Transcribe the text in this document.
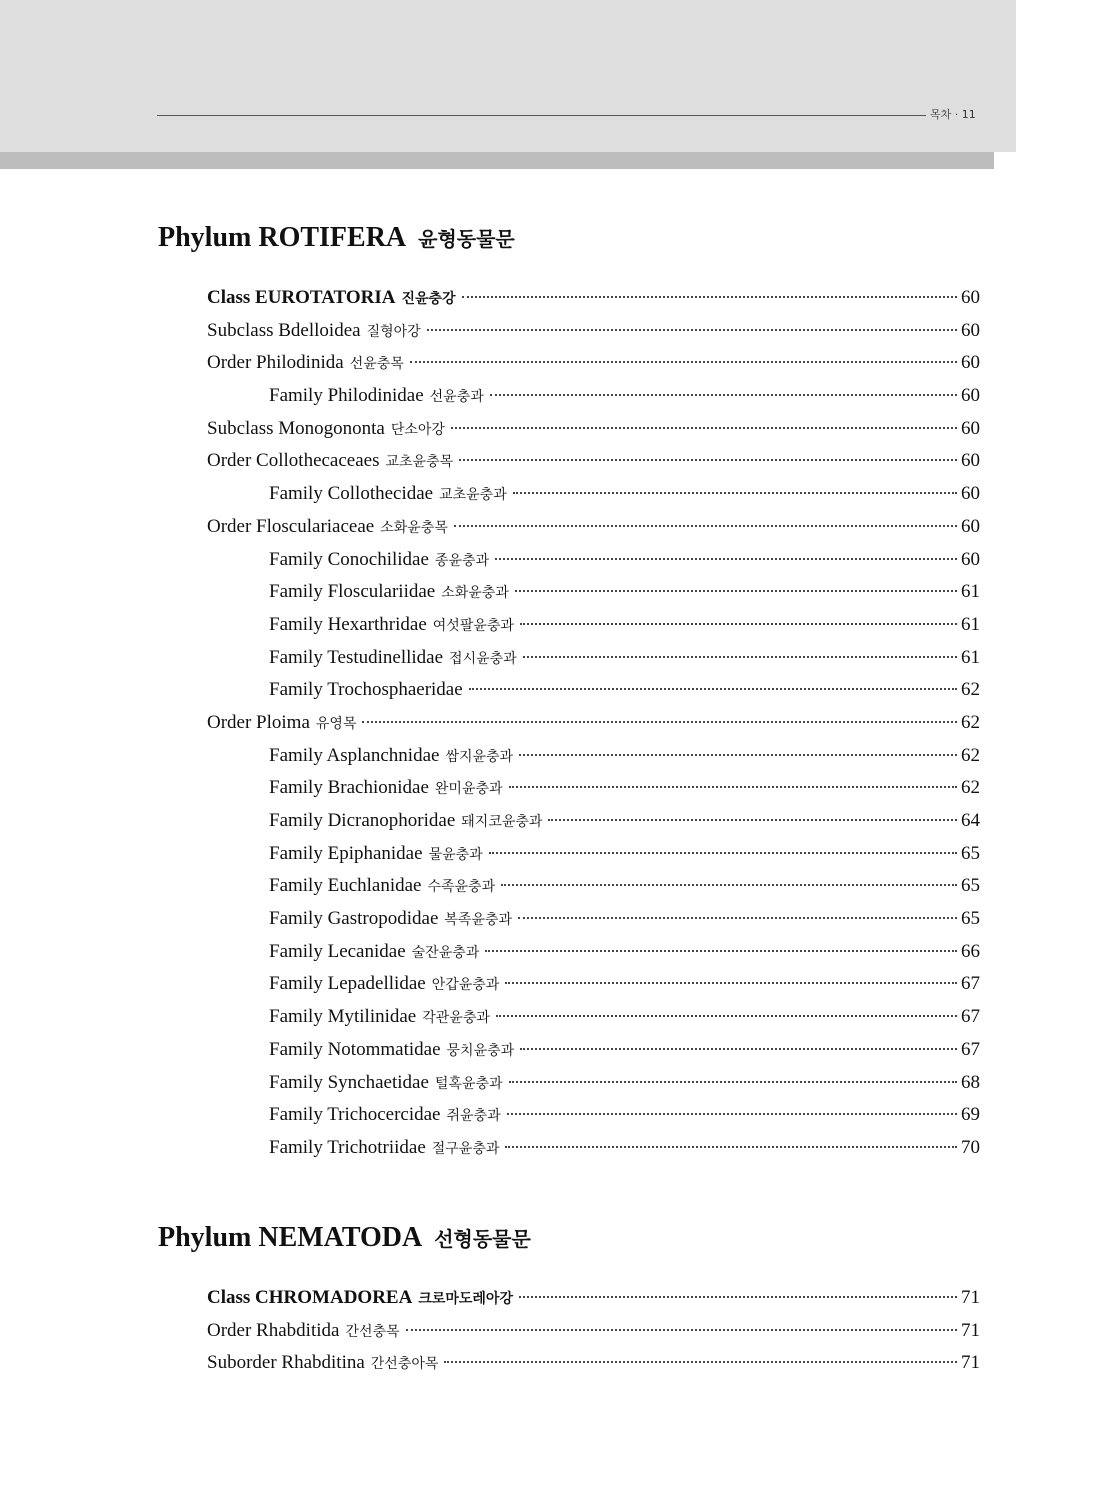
목차 · 11
Phylum ROTIFERA 윤형동물문
Class EUROTATORIA 진윤충강	60
Subclass Bdelloidea 질형아강	60
Order Philodinida 선윤충목	60
Family Philodinidae 선윤충과	60
Subclass Monogononta 단소아강	60
Order Collothecaceaes 교초윤충목	60
Family Collothecidae 교초윤충과	60
Order Flosculariaceae 소화윤충목	60
Family Conochilidae 종윤충과	60
Family Flosculariidae 소화윤충과	61
Family Hexarthridae 여섯팔윤충과	61
Family Testudinellidae 접시윤충과	61
Family Trochosphaeridae	62
Order Ploima 유영목	62
Family Asplanchnidae 쌈지윤충과	62
Family Brachionidae 완미윤충과	62
Family Dicranophoridae 돼지코윤충과	64
Family Epiphanidae 물윤충과	65
Family Euchlanidae 수족윤충과	65
Family Gastropodidae 복족윤충과	65
Family Lecanidae 술잔윤충과	66
Family Lepadellidae 안갑윤충과	67
Family Mytilinidae 각관윤충과	67
Family Notommatidae 뭉치윤충과	67
Family Synchaetidae 털혹윤충과	68
Family Trichocercidae 쥐윤충과	69
Family Trichotriidae 절구윤충과	70
Phylum NEMATODA 선형동물문
Class CHROMADOREA 크로마도레아강	71
Order Rhabditida 간선충목	71
Suborder Rhabditina 간선충아목	71
